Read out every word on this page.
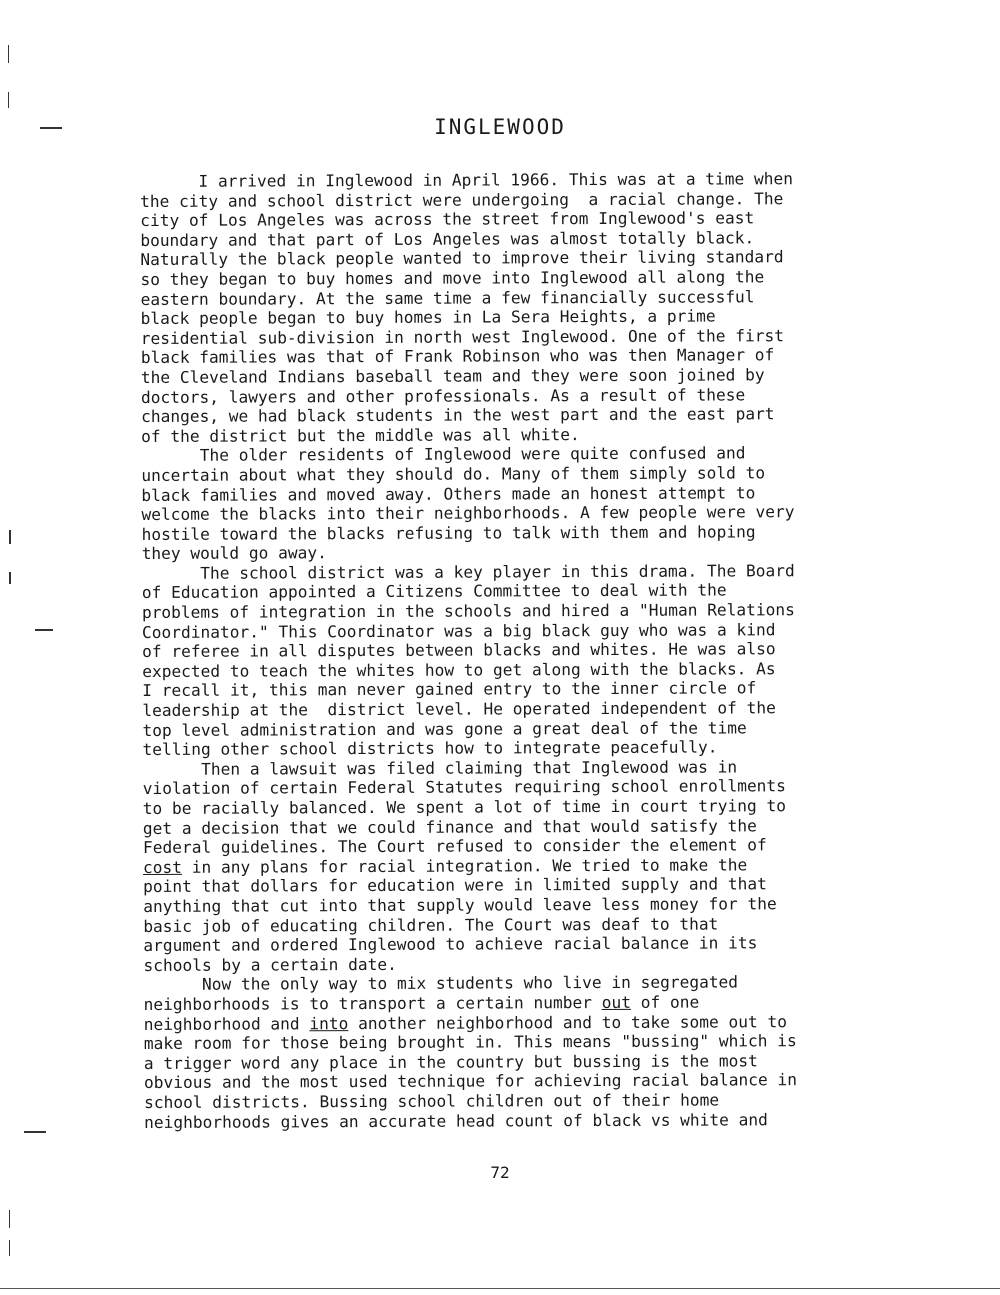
INGLEWOOD
I arrived in Inglewood in April 1966. This was at a time when
the city and school district were undergoing  a racial change. The
city of Los Angeles was across the street from Inglewood's east
boundary and that part of Los Angeles was almost totally black.
Naturally the black people wanted to improve their living standard
so they began to buy homes and move into Inglewood all along the
eastern boundary. At the same time a few financially successful
black people began to buy homes in La Sera Heights, a prime
residential sub-division in north west Inglewood. One of the first
black families was that of Frank Robinson who was then Manager of
the Cleveland Indians baseball team and they were soon joined by
doctors, lawyers and other professionals. As a result of these
changes, we had black students in the west part and the east part
of the district but the middle was all white.
The older residents of Inglewood were quite confused and
uncertain about what they should do. Many of them simply sold to
black families and moved away. Others made an honest attempt to
welcome the blacks into their neighborhoods. A few people were very
hostile toward the blacks refusing to talk with them and hoping
they would go away.
The school district was a key player in this drama. The Board
of Education appointed a Citizens Committee to deal with the
problems of integration in the schools and hired a "Human Relations
Coordinator." This Coordinator was a big black guy who was a kind
of referee in all disputes between blacks and whites. He was also
expected to teach the whites how to get along with the blacks. As
I recall it, this man never gained entry to the inner circle of
leadership at the  district level. He operated independent of the
top level administration and was gone a great deal of the time
telling other school districts how to integrate peacefully.
Then a lawsuit was filed claiming that Inglewood was in
violation of certain Federal Statutes requiring school enrollments
to be racially balanced. We spent a lot of time in court trying to
get a decision that we could finance and that would satisfy the
Federal guidelines. The Court refused to consider the element of
cost in any plans for racial integration. We tried to make the
point that dollars for education were in limited supply and that
anything that cut into that supply would leave less money for the
basic job of educating children. The Court was deaf to that
argument and ordered Inglewood to achieve racial balance in its
schools by a certain date.
Now the only way to mix students who live in segregated
neighborhoods is to transport a certain number out of one
neighborhood and into another neighborhood and to take some out to
make room for those being brought in. This means "bussing" which is
a trigger word any place in the country but bussing is the most
obvious and the most used technique for achieving racial balance in
school districts. Bussing school children out of their home
neighborhoods gives an accurate head count of black vs white and
72
